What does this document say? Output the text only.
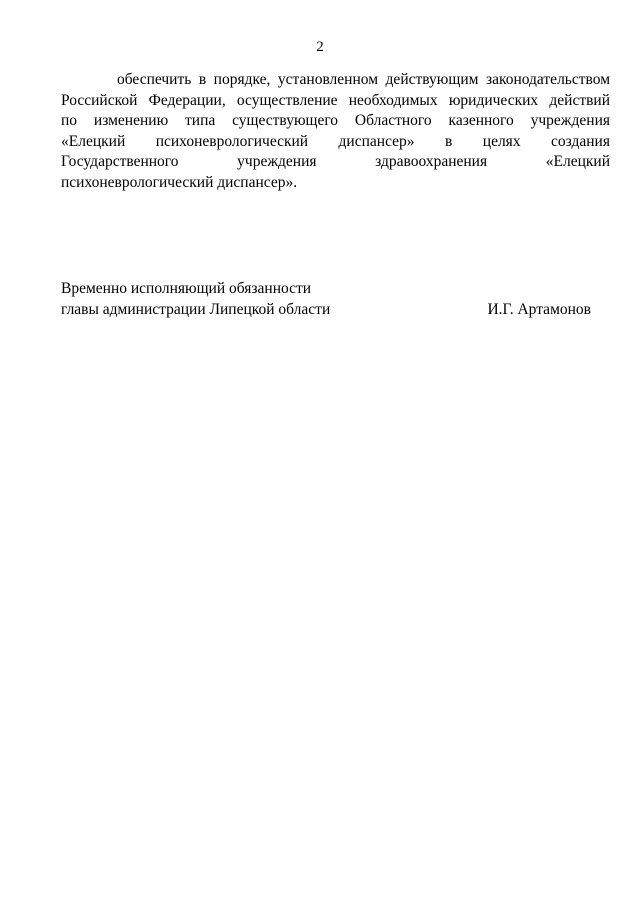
2
обеспечить в порядке, установленном действующим законодательством
Российской Федерации, осуществление необходимых юридических действий
по изменению типа существующего Областного казенного учреждения
«Елецкий психоневрологический диспансер» в целях создания
Государственного учреждения здравоохранения «Елецкий
психоневрологический диспансер».
Временно исполняющий обязанности
главы администрации Липецкой области	И.Г. Артамонов
